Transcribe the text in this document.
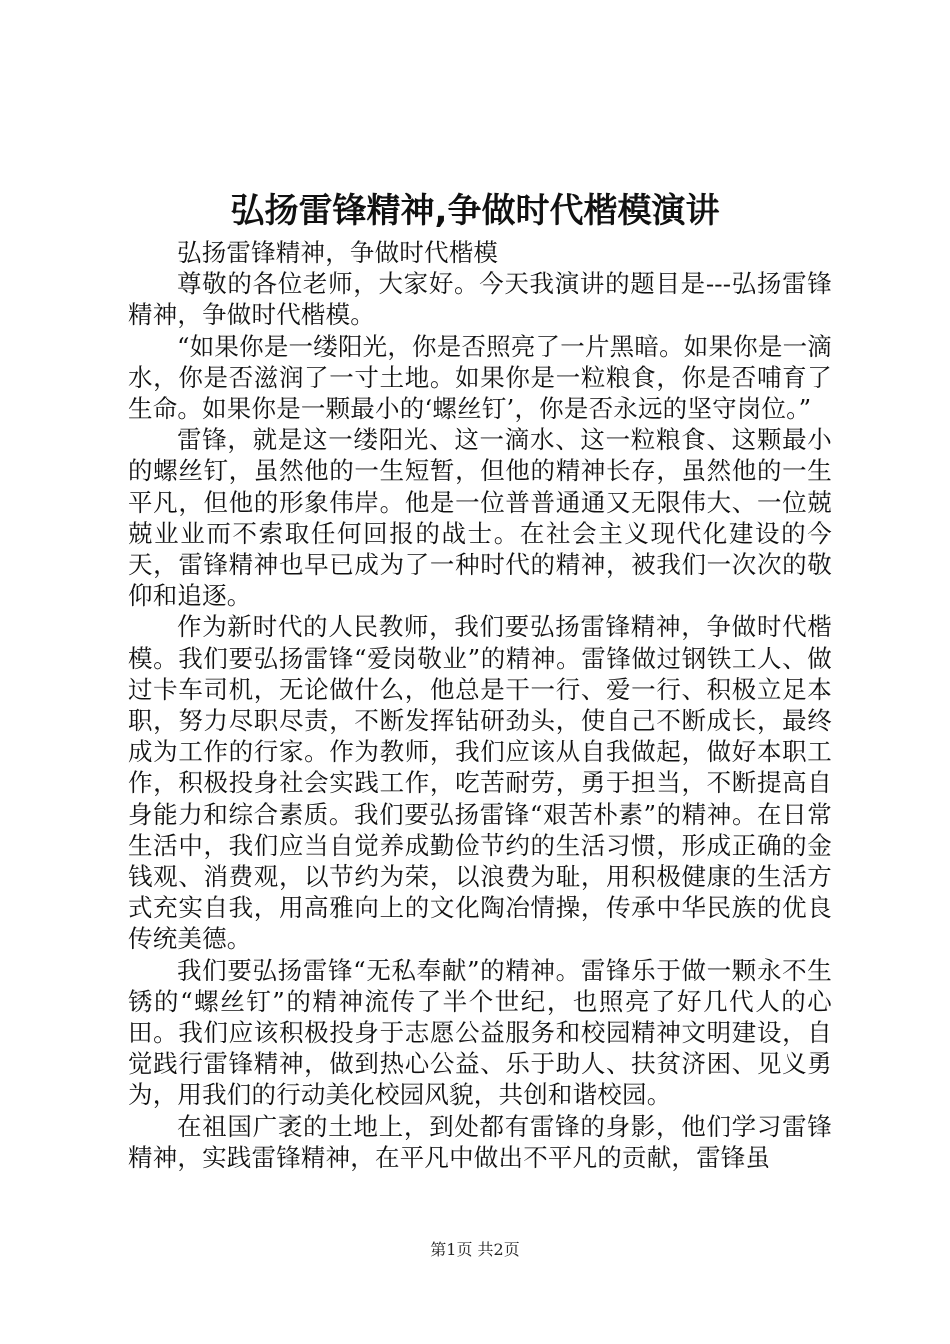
弘扬雷锋精神,争做时代楷模演讲

弘扬雷锋精神，争做时代楷模

尊敬的各位老师，大家好。今天我演讲的题目是---弘扬雷锋精神，争做时代楷模。

“如果你是一缕阳光，你是否照亮了一片黑暗。如果你是一滴水，你是否滋润了一寸土地。如果你是一粒粮食，你是否哺育了生命。如果你是一颗最小的‘螺丝钉’，你是否永远的坚守岗位。”

雷锋，就是这一缕阳光、这一滴水、这一粒粮食、这颗最小的螺丝钉，虽然他的一生短暂，但他的精神长存，虽然他的一生平凡，但他的形象伟岸。他是一位普普通通又无限伟大、一位兢兢业业而不索取任何回报的战士。在社会主义现代化建设的今天，雷锋精神也早已成为了一种时代的精神，被我们一次次的敬仰和追逐。

作为新时代的人民教师，我们要弘扬雷锋精神，争做时代楷模。我们要弘扬雷锋“爱岗敬业”的精神。雷锋做过钢铁工人、做过卡车司机，无论做什么，他总是干一行、爱一行、积极立足本职，努力尽职尽责，不断发挥钻研劲头，使自己不断成长，最终成为工作的行家。作为教师，我们应该从自我做起，做好本职工作，积极投身社会实践工作，吃苦耐劳，勇于担当，不断提高自身能力和综合素质。我们要弘扬雷锋“艰苦朴素”的精神。在日常生活中，我们应当自觉养成勤俭节约的生活习惯，形成正确的金钱观、消费观，以节约为荣，以浪费为耻，用积极健康的生活方式充实自我，用高雅向上的文化陶冶情操，传承中华民族的优良传统美德。

我们要弘扬雷锋“无私奉献”的精神。雷锋乐于做一颗永不生锈的“螺丝钉”的精神流传了半个世纪，也照亮了好几代人的心田。我们应该积极投身于志愿公益服务和校园精神文明建设，自觉践行雷锋精神，做到热心公益、乐于助人、扶贫济困、见义勇为，用我们的行动美化校园风貌，共创和谐校园。

在祖国广袤的土地上，到处都有雷锋的身影，他们学习雷锋精神，实践雷锋精神，在平凡中做出不平凡的贡献，雷锋虽

第1页 共2页
